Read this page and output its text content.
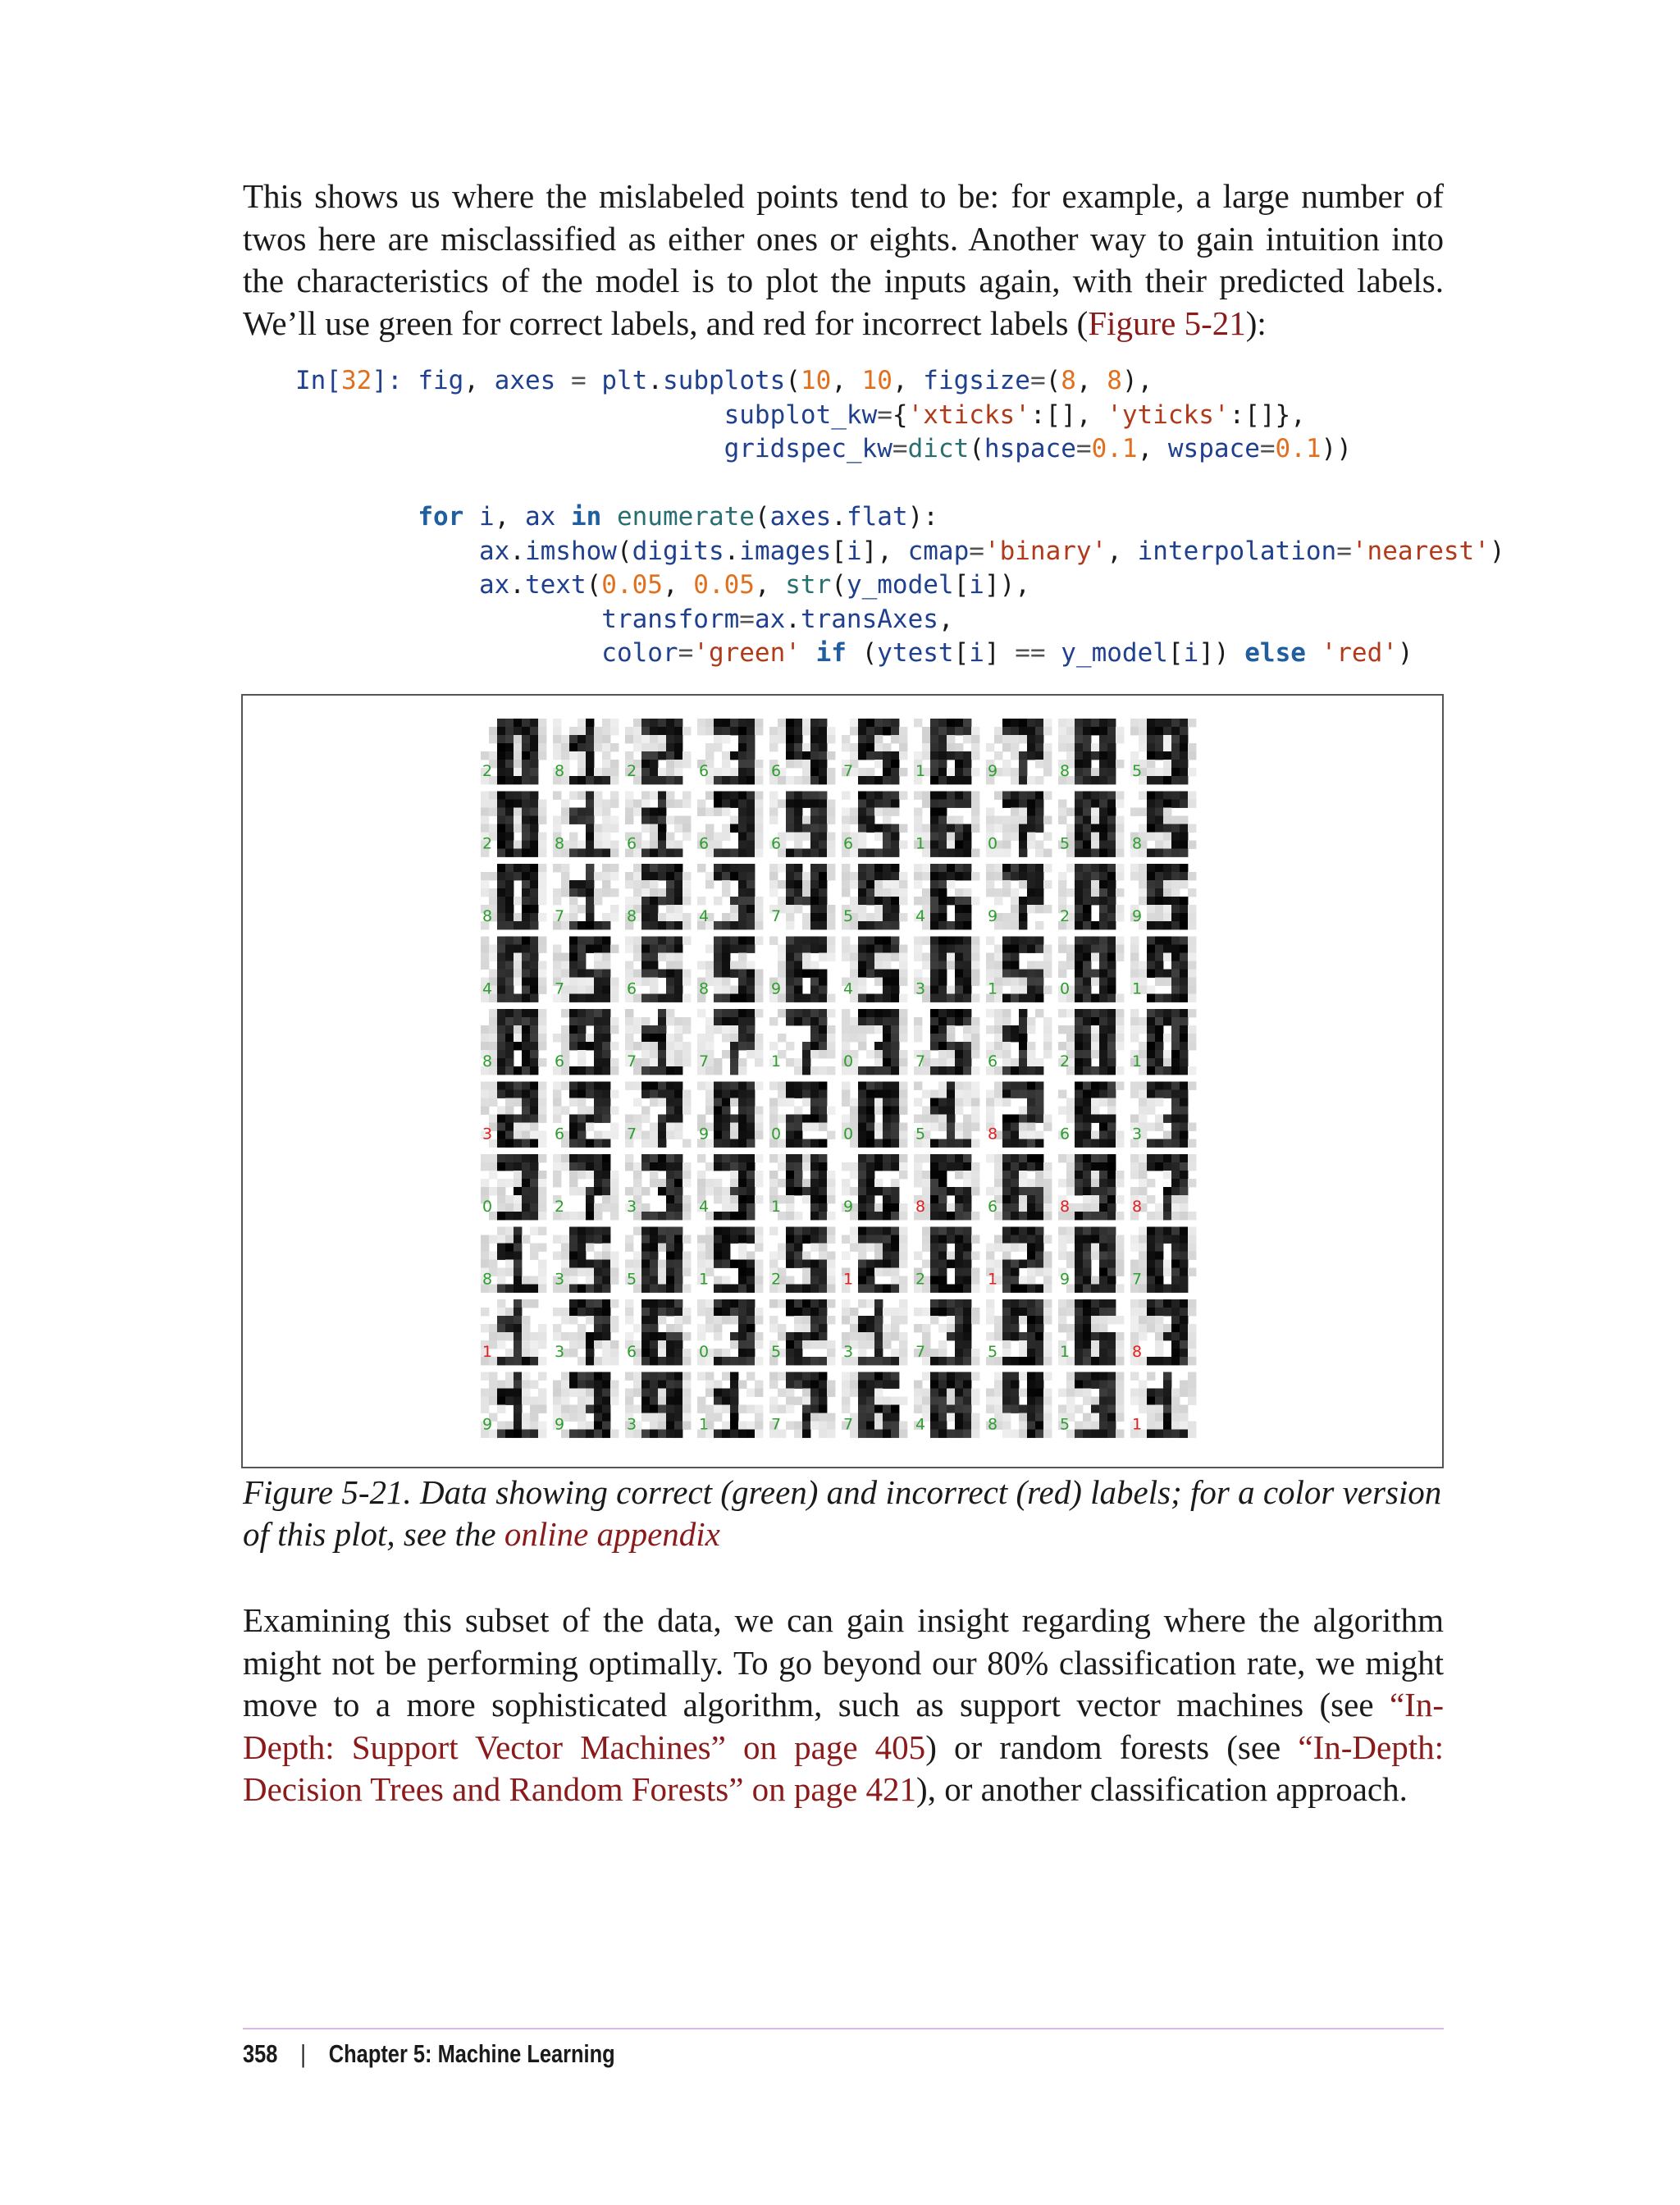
This shows us where the mislabeled points tend to be: for example, a large number of twos here are misclassified as either ones or eights. Another way to gain intuition into the characteristics of the model is to plot the inputs again, with their predicted labels. We’ll use green for correct labels, and red for incorrect labels (Figure 5-21):

In[32]: fig, axes = plt.subplots(10, 10, figsize=(8, 8),
subplot_kw={'xticks':[], 'yticks':[]},
gridspec_kw=dict(hspace=0.1, wspace=0.1))

for i, ax in enumerate(axes.flat):
ax.imshow(digits.images[i], cmap='binary', interpolation='nearest')
ax.text(0.05, 0.05, str(y_model[i]),
transform=ax.transAxes,
color='green' if (ytest[i] == y_model[i]) else 'red')
2	8	2	6	6	7	1	9	8	5
2	8	6	6	6	6	1	0	5	8
8	7	8	4	7	5	4	9	2	9
4	7	6	8	9	4	3	1	0	1
8	6	7	7	1	0	7	6	2	1
3	6	7	9	0	0	5	8	6	3
0	2	3	4	1	9	8	6	8	8
8	3	5	1	2	1	2	1	9	7
1	3	6	0	5	3	7	5	1	8
9	9	3	1	7	7	4	8	5	1

Figure 5-21. Data showing correct (green) and incorrect (red) labels; for a color version of this plot, see the online appendix

Examining this subset of the data, we can gain insight regarding where the algorithm might not be performing optimally. To go beyond our 80% classification rate, we might move to a more sophisticated algorithm, such as support vector machines (see “In-Depth: Support Vector Machines” on page 405) or random forests (see “In-Depth: Decision Trees and Random Forests” on page 421), or another classification approach.

358 | Chapter 5: Machine Learning
